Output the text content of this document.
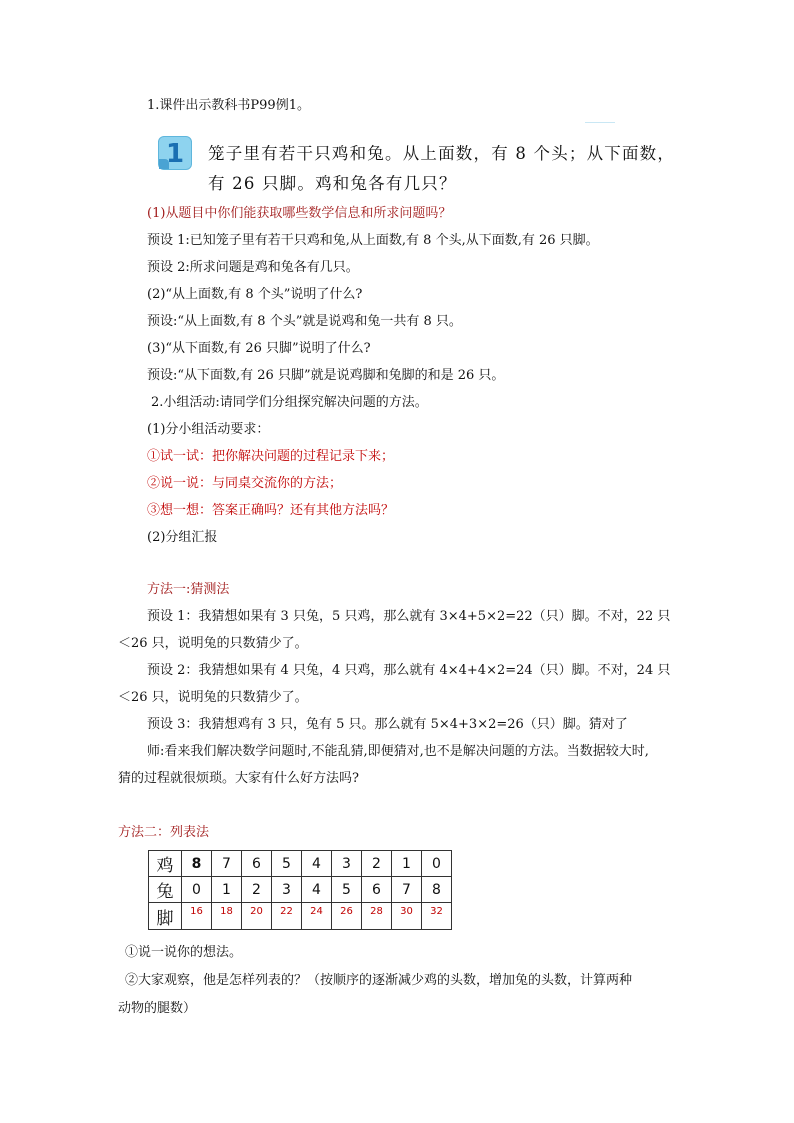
1.课件出示教科书P99例1。
1	笼子里有若干只鸡和兔。从上面数，有 8 个头；从下面数，
有 26 只脚。鸡和兔各有几只？
(1)从题目中你们能获取哪些数学信息和所求问题吗？
预设 1:已知笼子里有若干只鸡和兔,从上面数,有 8 个头,从下面数,有 26 只脚。
预设 2:所求问题是鸡和兔各有几只。
(2)“从上面数,有 8 个头”说明了什么?
预设:“从上面数,有 8 个头”就是说鸡和兔一共有 8 只。
(3)“从下面数,有 26 只脚”说明了什么?
预设:“从下面数,有 26 只脚”就是说鸡脚和兔脚的和是 26 只。
2.小组活动:请同学们分组探究解决问题的方法。
(1)分小组活动要求：
①试一试：把你解决问题的过程记录下来；
②说一说：与同桌交流你的方法；
③想一想：答案正确吗？还有其他方法吗？
(2)分组汇报
方法一:猜测法
预设 1：我猜想如果有 3 只兔，5 只鸡，那么就有 3×4+5×2=22（只）脚。不对，22 只
＜26 只，说明兔的只数猜少了。
预设 2：我猜想如果有 4 只兔，4 只鸡，那么就有 4×4+4×2=24（只）脚。不对，24 只
＜26 只，说明兔的只数猜少了。
预设 3：我猜想鸡有 3 只，兔有 5 只。那么就有 5×4+3×2=26（只）脚。猜对了
师:看来我们解决数学问题时,不能乱猜,即便猜对,也不是解决问题的方法。当数据较大时,
猜的过程就很烦琐。大家有什么好方法吗?
方法二：列表法
鸡	8	7	6	5	4	3	2	1	0
兔	0	1	2	3	4	5	6	7	8
脚	16	18	20	22	24	26	28	30	32
①说一说你的想法。
②大家观察，他是怎样列表的？（按顺序的逐渐减少鸡的头数，增加兔的头数，计算两种
动物的腿数）
